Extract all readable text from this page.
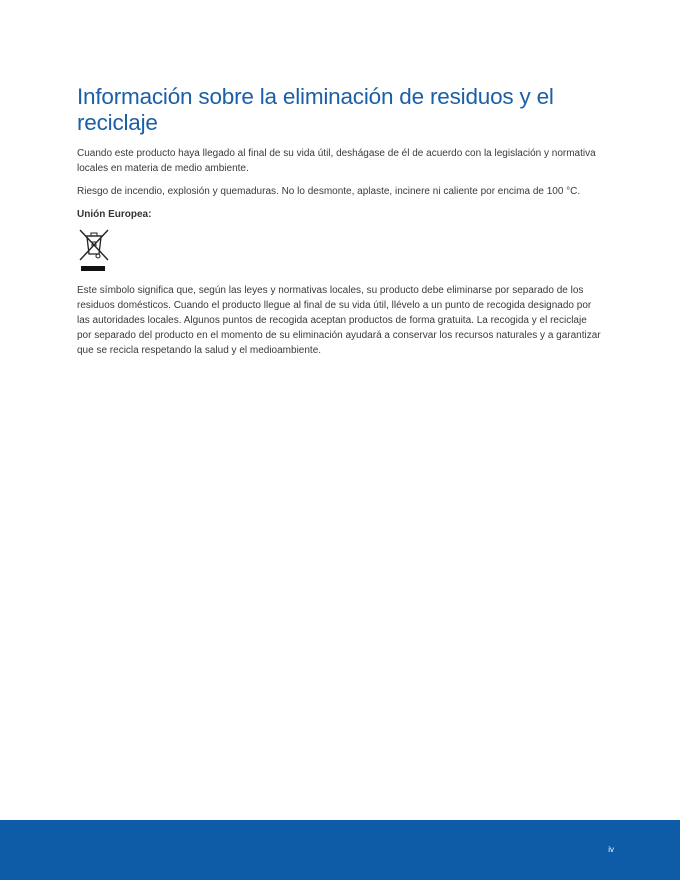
Información sobre la eliminación de residuos y el reciclaje

Cuando este producto haya llegado al final de su vida útil, deshágase de él de acuerdo con la legislación y normativa locales en materia de medio ambiente.

Riesgo de incendio, explosión y quemaduras. No lo desmonte, aplaste, incinere ni caliente por encima de 100 °C.

Unión Europea:

Este símbolo significa que, según las leyes y normativas locales, su producto debe eliminarse por separado de los residuos domésticos. Cuando el producto llegue al final de su vida útil, llévelo a un punto de recogida designado por las autoridades locales. Algunos puntos de recogida aceptan productos de forma gratuita. La recogida y el reciclaje por separado del producto en el momento de su eliminación ayudará a conservar los recursos naturales y a garantizar que se recicla respetando la salud y el medioambiente.

iv
